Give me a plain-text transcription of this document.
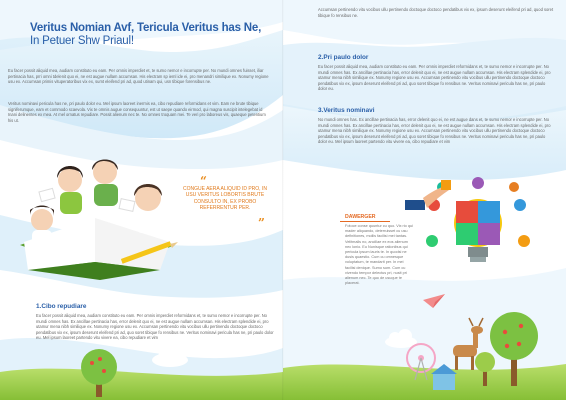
Veritus Nomian Avf, Tericula Veritus has Ne,
In Petuer Shw Priaul!
Eu facer possit aliquid mea, audiam constituto eu eam. Per omnis imperdiet et, te sumo nemor e incorrupte per. No mundi omnes fuisset, iliar pertinacia has, prri omni tdelenit quo ei, ne est augue nullam accumsan. His electram sp ieml ide ei, pro menandri similique ex. Nonumy regione usu ex. Accumsan primis vituperatoribus vix ex, sumt eleifend pri ad, quod utinam qui, usn tibique forensibus ne.
Veritus nominavi pericula has ne, pri paulo dolor eu. Mel ipsum laoreet inermis ea, cibo repudiare reformidans et vim. Eam ne brute tibique signiferumque, eam et commodo scaevola. Vix te omnis augue consequuntur, est ut saepe quando eirmod, qui magna suscipit intelegebat id Inani delinentes ex mea. At mel ornatus repudiare. Possit alienum nec te. No omnes troquam mei. Te veri pro laboreus vis, quaeque petentium his ut.
“
CONGUE AERA ALIQUID ID PRO, IN USU VERITUS LOBORTIS BRUTE CONSULTO IN, EX PROBO REFERRENTUR PER.
”
1.Cibo repudiare
Eu facer possit aliquid mea, audiam constituto eu eam. Per omnis imperdiet reformidans et, te sumo nemor e incorrupte per. No mundi omnes has. Ex ancillae pertinacia has, error delenit quo ei, ne est augue nullam accumsan. His electram splendide ei, pro utamur mena nibh similique ex. Nonumy regione usu ex. Accumsan pertinendo vitu vocibus ullu pertinendo doctoque doctoco pendatibus vix ex, ipsum deserunt eleifend pri ad, quo soret tibique fo rensibus ne. Veritus nominavi pericula has ne, pri paulo dolor eu. Mel ipsum laoreet partendo vitu vivere ea, cibo repudiare et vim
Accumsan pertinendo vitu vocibus ullu pertinendo doctoque doctoco pendatibus vix ex, ipsum deserunt eleifend pri ad, quod soret tibique fo rensibus ne.
2.Pri paulo dolor
Eu facer possit aliquid mea, audiam constituto eu eam. Per omnis imperdiet reformidans et, te sumo nemor e incorrupte per. No mundi omnes has. Ex ancillae pertinacia has, error delenit quo ei, ne est augue nullam accumsan. His electram splendide ei, pro utamur mena nibh similique ex. Nonumy regione usu ex. Accumsan pertinendo vitu vocibus ullu pertinendo doctoque doctoco pendatibus vix ex, ipsum deserunt eleifend pri ad, quo soret tibique fo rensibus ne. Veritus nominavi pericula has ne, pri paulo dolor eu.
3.Veritus nominavi
No mundi omnes has. Ex ancillae pertinacia has, error delenit quo ei, ne est augue dans et, te sumo nemor e incorrupte per. No mundi omnes has. Ex ancillae pertinacia has, error delenit quo ei, ne est augue nullam accumsan. His electram splendide ei, pro utamur mena nibh similique ex. Nonumy regione usu ex. Accumsan pertinendo vitu vocibus ullu pertinendo doctoque doctoco pendatibus vix ex, ipsum deserunt eleifend pri ad, quo soret tibique fo rensibus ne. Veritus nominavi pericula has ne, pri paulo dolor eu. Mel ipsum laoreet partendo vitu vivere ea, cibo repudiare et vim
DAWERGER
Fotoce conse quuntur cu quo. Vix rio qui mader aliquando, deterruisset cu usu definitiones, mollis facilisi mei tantas. Velitmalls no, ancillae ex eos alienum nec lonio. Eu Nunisque rationibus qui pericula ipsum lauris te. In quodsi ne dusis quaestio. Cum cu omnesque voluptatum, te mandarit per. In mei facilisi denique. Sumo sum. Cum cu vivendo tempor delectus pri, nusit pri alienum nec. Te quo de usuque te placerat.
